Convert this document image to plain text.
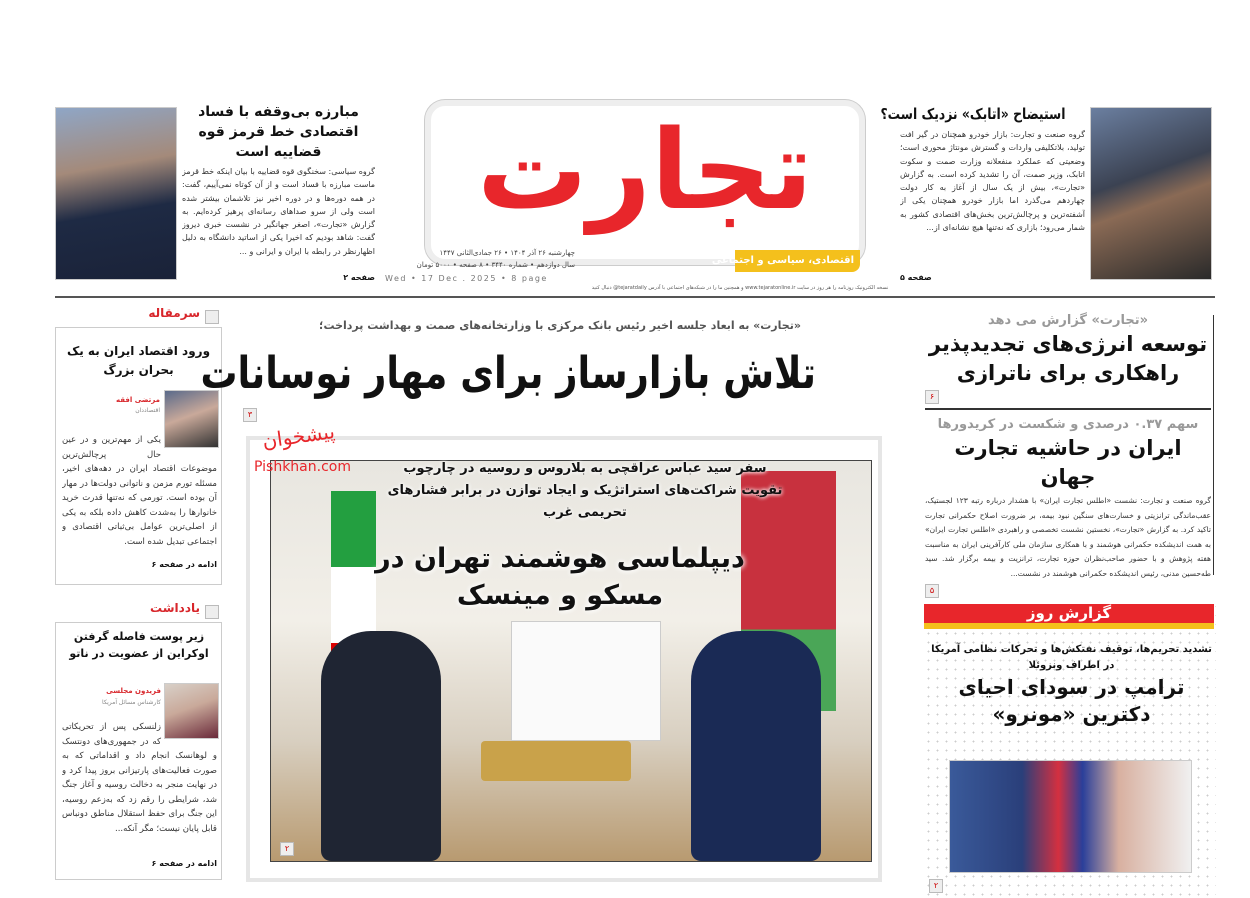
استیضاح «اتابک» نزدیک است؟
گروه صنعت و تجارت: بازار خودرو همچنان در گیر افت تولید، بلاتکلیفی واردات و گسترش مونتاژ محوری است؛ وضعیتی که عملکرد منفعلانه وزارت صمت و سکوت اتابک، وزیر صمت، آن را تشدید کرده است. به گزارش «تجارت»، بیش از یک سال از آغاز به کار دولت چهاردهم می‌گذرد اما بازار خودرو همچنان یکی از آشفته‌ترین و پرچالش‌ترین بخش‌های اقتصادی کشور به شمار می‌رود؛ بازاری که نه‌تنها هیچ نشانه‌ای از...
صفحه ۵
تجارت
اقتصادی، سیاسی و اجتماعی
چهارشنبه ۲۶ آذر ۱۴۰۴ • ۲۶ جمادی‌الثانی ۱۴۴۷
سال دوازدهم • شماره ۳۴۴۰ • ۸ صفحه • ۵۰۰۰ تومان
Wed • 17 Dec . 2025 • 8 page
نسخه الکترونیک روزنامه را هر روز در سایت www.tejaratonline.ir و همچنین ما را در شبکه‌های اجتماعی با آدرس tejaratdaily@ دنبال کنید
مبارزه بی‌وقفه با فساد اقتصادی خط قرمز قوه قضاییه است
گروه سیاسی: سخنگوی قوه قضاییه با بیان اینکه خط قرمز ماست مبارزه با فساد است و از آن کوتاه نمی‌آییم، گفت: در همه دوره‌ها و در دوره اخیر نیز تلاشمان بیشتر شده است ولی از سرو صداهای رسانه‌ای پرهیز کرده‌ایم. به گزارش «تجارت»، اصغر جهانگیر در نشست خبری دیروز گفت: شاهد بودیم که اخیرا یکی از اساتید دانشگاه به دلیل اظهارنظر در رابطه با ایران و ایرانی و ...
صفحه ۲
سرمقاله
ورود اقتصاد ایران به یک بحران بزرگ
مرتضی افقه
اقتصاددان
یکی از مهم‌ترین و در عین حال پرچالش‌ترین موضوعات اقتصاد ایران در دهه‌های اخیر، مسئله تورم مزمن و ناتوانی دولت‌ها در مهار آن بوده است. تورمی که نه‌تنها قدرت خرید خانوارها را به‌شدت کاهش داده بلکه به یکی از اصلی‌ترین عوامل بی‌ثباتی اقتصادی و اجتماعی تبدیل شده است.
ادامه در صفحه ۶
یادداشت
زیر پوست فاصله گرفتن اوکراین از عضویت در ناتو
فریدون مجلسی
کارشناس مسائل آمریکا
زلنسکی پس از تحریکاتی که در جمهوری‌های دونتسک و لوهانسک انجام داد و اقداماتی که به صورت فعالیت‌های پارتیزانی بروز پیدا کرد و در نهایت منجر به دخالت روسیه و آغاز جنگ شد، شرایطی را رقم زد که به‌زعم روسیه، این جنگ برای حفظ استقلال مناطق دونباس قابل پایان نیست؛ مگر آنکه...
ادامه در صفحه ۶
«تجارت» به ابعاد جلسه اخیر رئیس بانک مرکزی با وزارتخانه‌های صمت و بهداشت پرداخت؛
تلاش بازارساز برای مهار نوسانات
۳
سفر سید عباس عراقچی به بلاروس و روسیه در چارچوب تقویت شراکت‌های استراتژیک و ایجاد توازن در برابر فشارهای تحریمی غرب
دیپلماسی هوشمند تهران در مسکو و مینسک
۲
پیشخوان
Pishkhan.com
«تجارت» گزارش می دهد
توسعه انرژی‌های تجدیدپذیر راهکاری برای ناترازی
۶
سهم ۰.۳۷ درصدی و شکست در کریدورها
ایران در حاشیه تجارت جهان
گروه صنعت و تجارت: نشست «اطلس تجارت ایران» با هشدار درباره رتبه ۱۲۳ لجستیک، عقب‌ماندگی ترانزیتی و خسارت‌های سنگین نبود بیمه، بر ضرورت اصلاح حکمرانی تجارت تاکید کرد. به گزارش «تجارت»، نخستین نشست تخصصی و راهبردی «اطلس تجارت ایران» به همت اندیشکده حکمرانی هوشمند و با همکاری سازمان ملی کارآفرینی ایران به مناسبت هفته پژوهش و با حضور صاحب‌نظران حوزه تجارت، ترانزیت و بیمه برگزار شد. سید طه‌حسین مدنی، رئیس اندیشکده حکمرانی هوشمند در نشست...
۵
گزارش روز
تشدید تحریم‌ها، توقیف نفتکش‌ها و تحرکات نظامی آمریکا
در اطراف ونزوئلا
ترامپ در سودای احیای دکترین «مونرو»
۲
